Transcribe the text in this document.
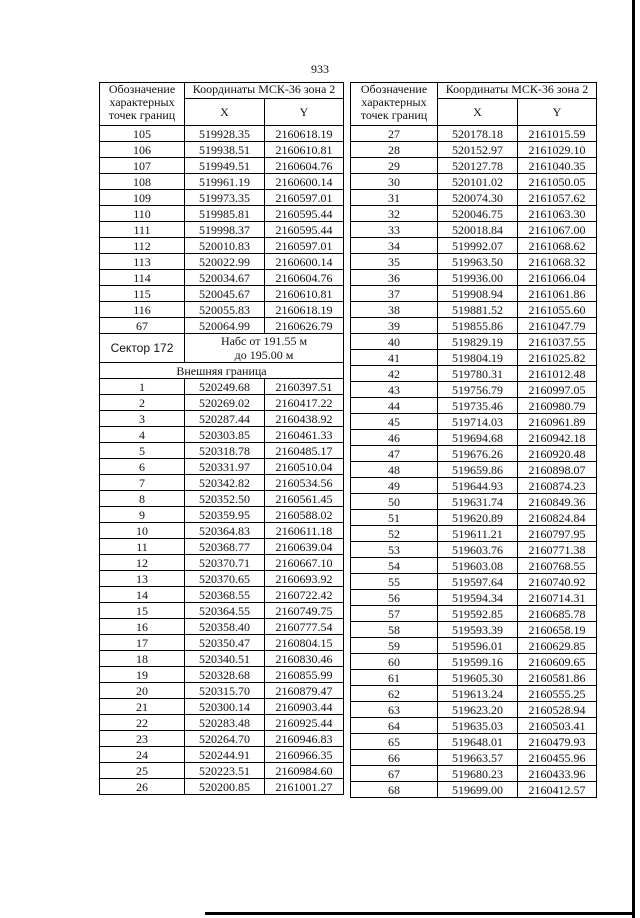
933
Обозначение характерных точек границ	Координаты МСК-36 зона 2	
	X	Y
105	519928.35	2160618.19
106	519938.51	2160610.81
107	519949.51	2160604.76
108	519961.19	2160600.14
109	519973.35	2160597.01
110	519985.81	2160595.44
111	519998.37	2160595.44
112	520010.83	2160597.01
113	520022.99	2160600.14
114	520034.67	2160604.76
115	520045.67	2160610.81
116	520055.83	2160618.19
67	520064.99	2160626.79
Сектор 172	Набс от 191.55 м
до 195.00 м	

Внешняя граница		
1	520249.68	2160397.51
2	520269.02	2160417.22
3	520287.44	2160438.92
4	520303.85	2160461.33
5	520318.78	2160485.17
6	520331.97	2160510.04
7	520342.82	2160534.56
8	520352.50	2160561.45
9	520359.95	2160588.02
10	520364.83	2160611.18
11	520368.77	2160639.04
12	520370.71	2160667.10
13	520370.65	2160693.92
14	520368.55	2160722.42
15	520364.55	2160749.75
16	520358.40	2160777.54
17	520350.47	2160804.15
18	520340.51	2160830.46
19	520328.68	2160855.99
20	520315.70	2160879.47
21	520300.14	2160903.44
22	520283.48	2160925.44
23	520264.70	2160946.83
24	520244.91	2160966.35
25	520223.51	2160984.60
26	520200.85	2161001.27
Обозначение характерных точек границ	Координаты МСК-36 зона 2	
	X	Y
27	520178.18	2161015.59
28	520152.97	2161029.10
29	520127.78	2161040.35
30	520101.02	2161050.05
31	520074.30	2161057.62
32	520046.75	2161063.30
33	520018.84	2161067.00
34	519992.07	2161068.62
35	519963.50	2161068.32
36	519936.00	2161066.04
37	519908.94	2161061.86
38	519881.52	2161055.60
39	519855.86	2161047.79
40	519829.19	2161037.55
41	519804.19	2161025.82
42	519780.31	2161012.48
43	519756.79	2160997.05
44	519735.46	2160980.79
45	519714.03	2160961.89
46	519694.68	2160942.18
47	519676.26	2160920.48
48	519659.86	2160898.07
49	519644.93	2160874.23
50	519631.74	2160849.36
51	519620.89	2160824.84
52	519611.21	2160797.95
53	519603.76	2160771.38
54	519603.08	2160768.55
55	519597.64	2160740.92
56	519594.34	2160714.31
57	519592.85	2160685.78
58	519593.39	2160658.19
59	519596.01	2160629.85
60	519599.16	2160609.65
61	519605.30	2160581.86
62	519613.24	2160555.25
63	519623.20	2160528.94
64	519635.03	2160503.41
65	519648.01	2160479.93
66	519663.57	2160455.96
67	519680.23	2160433.96
68	519699.00	2160412.57
